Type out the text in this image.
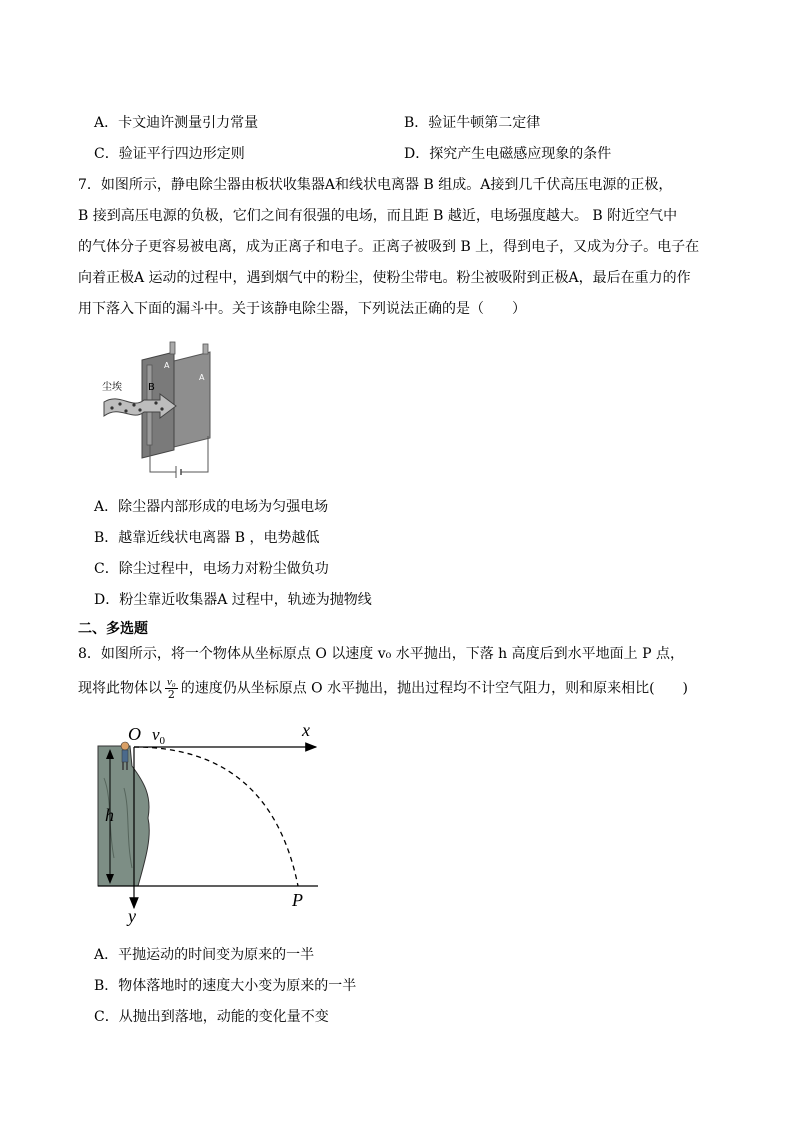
A．卡文迪许测量引力常量	B．验证牛顿第二定律
C．验证平行四边形定则	D．探究产生电磁感应现象的条件
7．如图所示，静电除尘器由板状收集器A和线状电离器 B 组成。A接到几千伏高压电源的正极，
B 接到高压电源的负极，它们之间有很强的电场，而且距 B 越近，电场强度越大。 B 附近空气中
的气体分子更容易被电离，成为正离子和电子。正离子被吸到 B 上，得到电子，又成为分子。电子在
向着正极A 运动的过程中，遇到烟气中的粉尘，使粉尘带电。粉尘被吸附到正极A，最后在重力的作
用下落入下面的漏斗中。关于该静电除尘器，下列说法正确的是（　　）
尘埃	B
A
A
A．除尘器内部形成的电场为匀强电场
B．越靠近线状电离器 B ，电势越低
C．除尘过程中，电场力对粉尘做负功
D．粉尘靠近收集器A 过程中，轨迹为抛物线
二、多选题
8．如图所示，将一个物体从坐标原点 O 以速度 v₀ 水平抛出，下落 h 高度后到水平地面上 P 点，
现将此物体以 $\frac{\text{v₀}}{2}$ 的速度仍从坐标原点 O 水平抛出，抛出过程均不计空气阻力，则和原来相比(　　)
O $v_0$
x
h
y
P
A．平抛运动的时间变为原来的一半
B．物体落地时的速度大小变为原来的一半
C．从抛出到落地，动能的变化量不变
